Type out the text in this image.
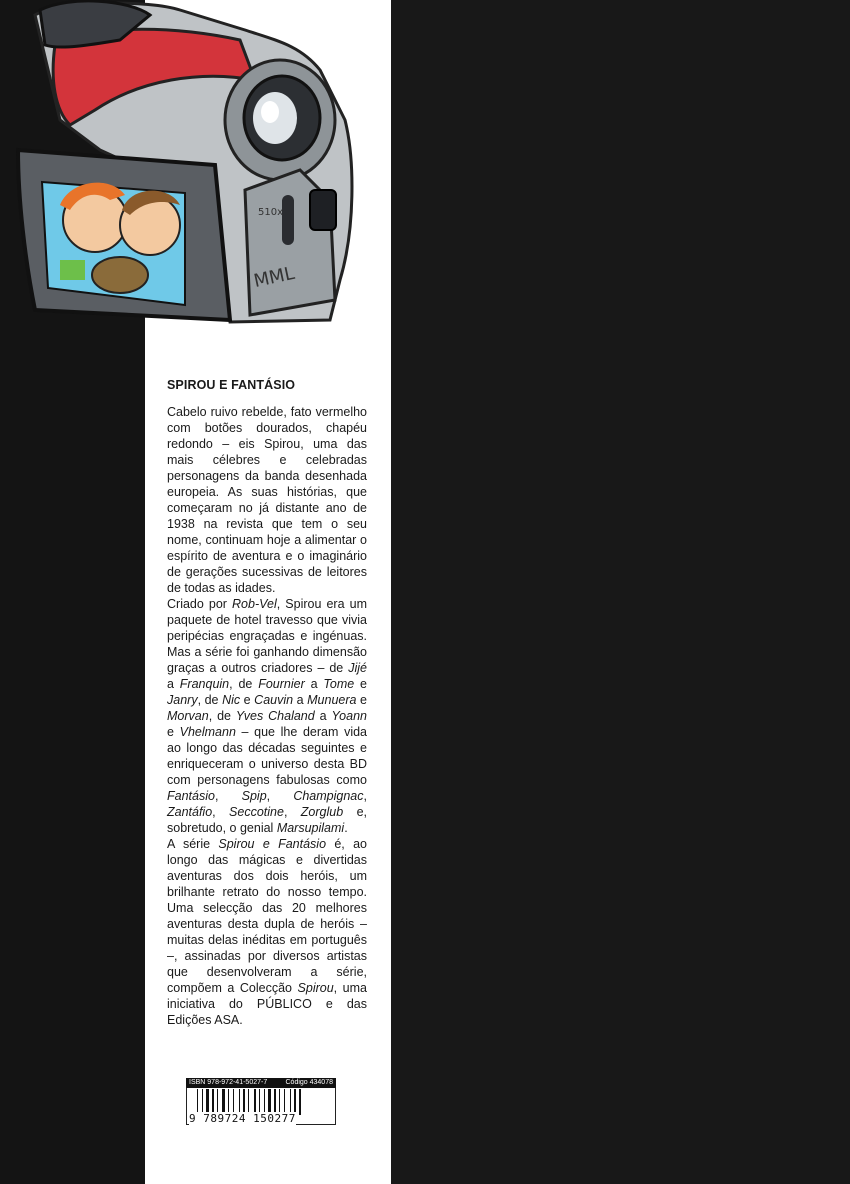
510x
MML
SPIROU E FANTÁSIO

Cabelo ruivo rebelde, fato vermelho com botões dourados, chapéu redondo – eis Spirou, uma das mais célebres e celebradas personagens da banda desenhada europeia. As suas histórias, que começaram no já distante ano de 1938 na revista que tem o seu nome, continuam hoje a alimentar o espírito de aventura e o imaginário de gerações sucessivas de leitores de todas as idades.

Criado por Rob-Vel, Spirou era um paquete de hotel travesso que vivia peripécias engraçadas e ingénuas. Mas a série foi ganhando dimensão graças a outros criadores – de Jijé a Franquin, de Fournier a Tome e Janry, de Nic e Cauvin a Munuera e Morvan, de Yves Chaland a Yoann e Vhelmann – que lhe deram vida ao longo das décadas seguintes e enriqueceram o universo desta BD com personagens fabulosas como Fantásio, Spip, Champignac, Zantáfio, Seccotine, Zorglub e, sobretudo, o genial Marsupilami.

A série Spirou e Fantásio é, ao longo das mágicas e divertidas aventuras dos dois heróis, um brilhante retrato do nosso tempo. Uma selecção das 20 melhores aventuras desta dupla de heróis – muitas delas inéditas em português –, assinadas por diversos artistas que desenvolveram a série, compõem a Colecção Spirou, uma iniciativa do PÚBLICO e das Edições ASA.

ISBN 978-972-41-5027-7	Código 434078
9 789724 150277
